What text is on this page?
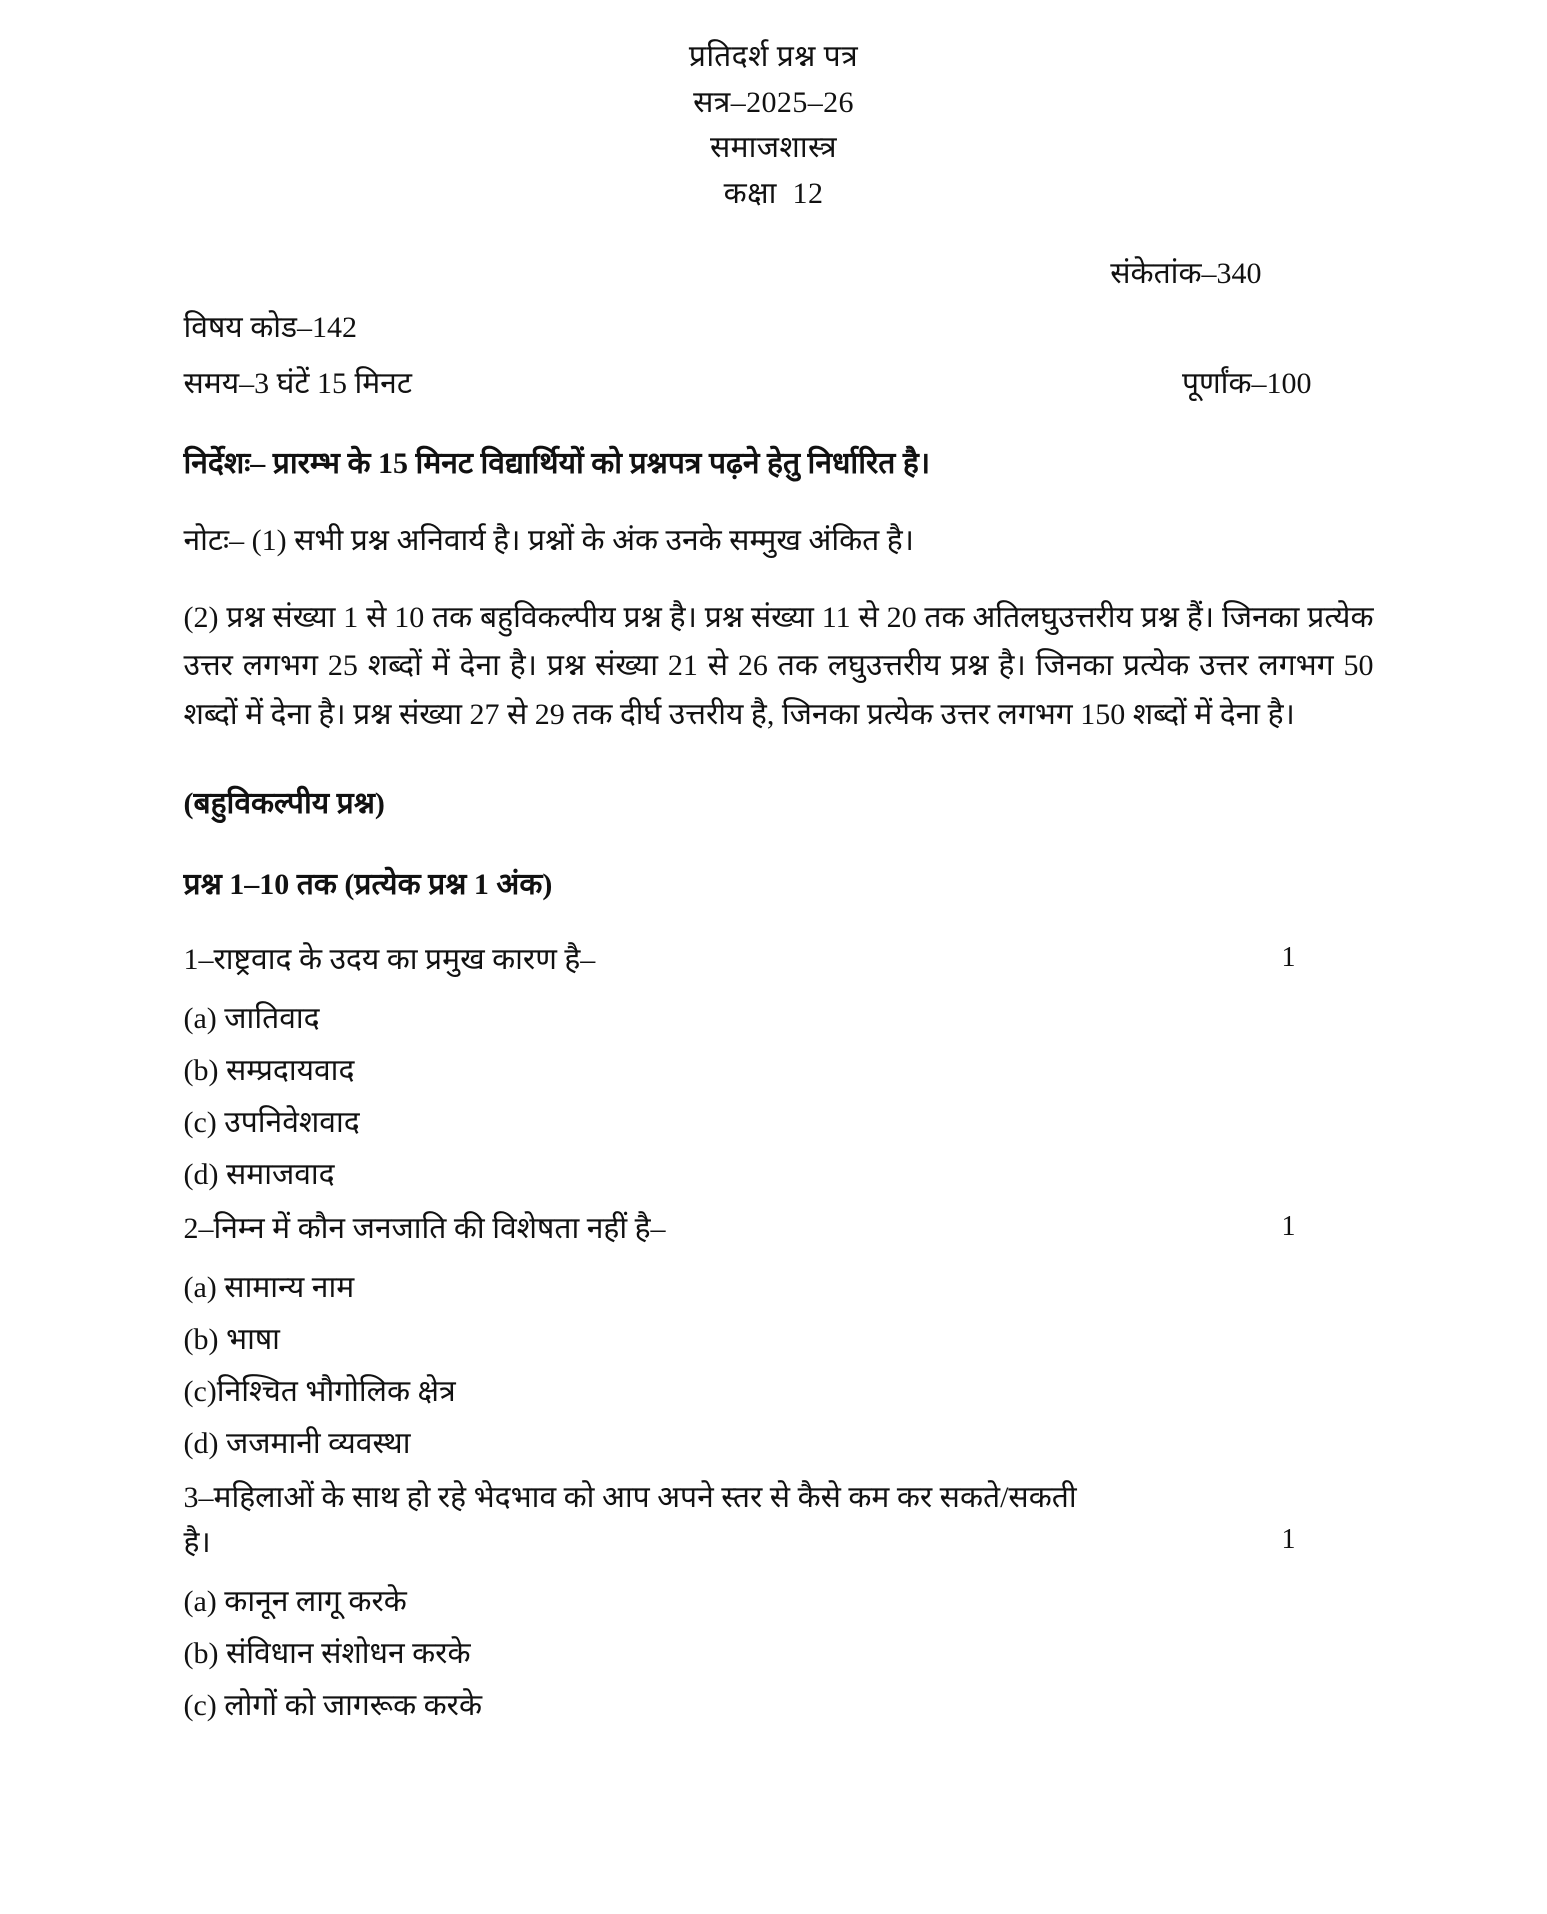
प्रतिदर्श प्रश्न पत्र
सत्र–2025–26
समाजशास्त्र
कक्षा  12
संकेतांक–340
विषय कोड–142
समय–3 घंटें 15 मिनट	पूर्णांक–100
निर्देशः– प्रारम्भ के 15 मिनट विद्यार्थियों को प्रश्नपत्र पढ़ने हेतु निर्धारित है।
नोटः– (1) सभी प्रश्न अनिवार्य है। प्रश्नों के अंक उनके सम्मुख अंकित है।
(2) प्रश्न संख्या 1 से 10 तक बहुविकल्पीय प्रश्न है। प्रश्न संख्या 11 से 20 तक अतिलघुउत्तरीय प्रश्न हैं। जिनका प्रत्येक उत्तर लगभग 25 शब्दों में देना है। प्रश्न संख्या 21 से 26 तक लघुउत्तरीय प्रश्न है। जिनका प्रत्येक उत्तर लगभग 50 शब्दों में देना है। प्रश्न संख्या 27 से 29 तक दीर्घ उत्तरीय है, जिनका प्रत्येक उत्तर लगभग 150 शब्दों में देना है।
(बहुविकल्पीय प्रश्न)
प्रश्न 1–10 तक (प्रत्येक प्रश्न 1 अंक)
1–राष्ट्रवाद के उदय का प्रमुख कारण है–	1
(a) जातिवाद
(b) सम्प्रदायवाद
(c) उपनिवेशवाद
(d) समाजवाद
2–निम्न में कौन जनजाति की विशेषता नहीं है–	1
(a) सामान्य नाम
(b) भाषा
(c)निश्चित भौगोलिक क्षेत्र
(d) जजमानी व्यवस्था
3–महिलाओं के साथ हो रहे भेदभाव को आप अपने स्तर से कैसे कम कर सकते/सकती
1
है।
(a) कानून लागू करके
(b) संविधान संशोधन करके
(c) लोगों को जागरूक करके
